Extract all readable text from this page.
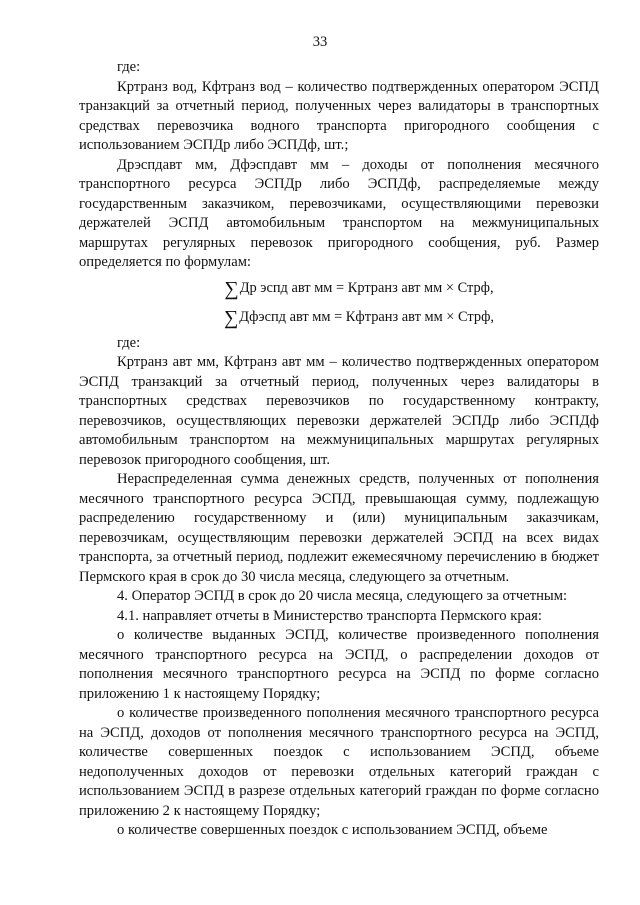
33

где:

Кртранз вод, Кфтранз вод – количество подтвержденных оператором ЭСПД транзакций за отчетный период, полученных через валидаторы в транспортных средствах перевозчика водного транспорта пригородного сообщения с использованием ЭСПДр либо ЭСПДф, шт.;

Дрэспдавт мм, Дфэспдавт мм – доходы от пополнения месячного транспортного ресурса ЭСПДр либо ЭСПДф, распределяемые между государственным заказчиком, перевозчиками, осуществляющими перевозки держателей ЭСПД автомобильным транспортом на межмуниципальных маршрутах регулярных перевозок пригородного сообщения, руб. Размер определяется по формулам:

∑Др эспд авт мм = Кртранз авт мм × Стрф,
∑Дфэспд авт мм = Кфтранз авт мм × Стрф,

где:

Кртранз авт мм, Кфтранз авт мм – количество подтвержденных оператором ЭСПД транзакций за отчетный период, полученных через валидаторы в транспортных средствах перевозчиков по государственному контракту, перевозчиков, осуществляющих перевозки держателей ЭСПДр либо ЭСПДф автомобильным транспортом на межмуниципальных маршрутах регулярных перевозок пригородного сообщения, шт.

Нераспределенная сумма денежных средств, полученных от пополнения месячного транспортного ресурса ЭСПД, превышающая сумму, подлежащую распределению государственному и (или) муниципальным заказчикам, перевозчикам, осуществляющим перевозки держателей ЭСПД на всех видах транспорта, за отчетный период, подлежит ежемесячному перечислению в бюджет Пермского края в срок до 30 числа месяца, следующего за отчетным.

4. Оператор ЭСПД в срок до 20 числа месяца, следующего за отчетным:

4.1. направляет отчеты в Министерство транспорта Пермского края:

о количестве выданных ЭСПД, количестве произведенного пополнения месячного транспортного ресурса на ЭСПД, о распределении доходов от пополнения месячного транспортного ресурса на ЭСПД по форме согласно приложению 1 к настоящему Порядку;

о количестве произведенного пополнения месячного транспортного ресурса на ЭСПД, доходов от пополнения месячного транспортного ресурса на ЭСПД, количестве совершенных поездок с использованием ЭСПД, объеме недополученных доходов от перевозки отдельных категорий граждан с использованием ЭСПД в разрезе отдельных категорий граждан по форме согласно приложению 2 к настоящему Порядку;

о количестве совершенных поездок с использованием ЭСПД, объеме
